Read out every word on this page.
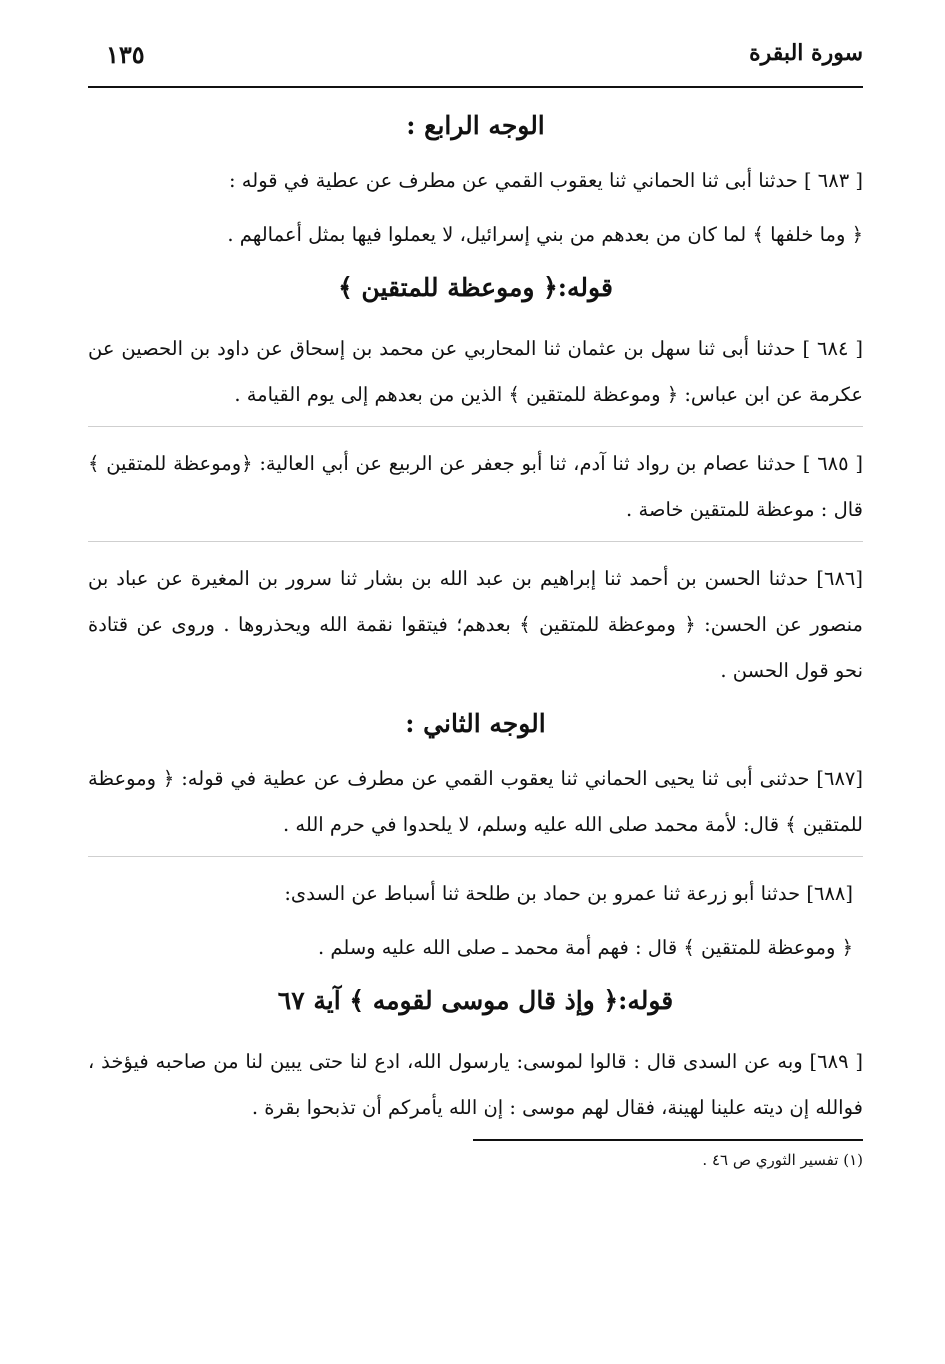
سورة البقرة
١٣٥
الوجه الرابع :

[ ٦٨٣ ] حدثنا أبى ثنا الحماني ثنا يعقوب القمي عن مطرف عن عطية في قوله :

﴿ وما خلفها ﴾ لما كان من بعدهم من بني إسرائيل، لا يعملوا فيها بمثل أعمالهم .

قوله:﴿ وموعظة للمتقين ﴾

[ ٦٨٤ ] حدثنا أبى ثنا سهل بن عثمان ثنا المحاربي عن محمد بن إسحاق عن داود بن الحصين عن عكرمة عن ابن عباس: ﴿ وموعظة للمتقين ﴾ الذين من بعدهم إلى يوم القيامة .

[ ٦٨٥ ] حدثنا عصام بن رواد ثنا آدم، ثنا أبو جعفر عن الربيع عن أبي العالية: ﴿وموعظة للمتقين ﴾ قال : موعظة للمتقين خاصة .

[٦٨٦] حدثنا الحسن بن أحمد ثنا إبراهيم بن عبد الله بن بشار ثنا سرور بن المغيرة عن عباد بن منصور عن الحسن: ﴿ وموعظة للمتقين ﴾ بعدهم؛ فيتقوا نقمة الله ويحذروها . وروى عن قتادة نحو قول الحسن .

الوجه الثاني :

[٦٨٧] حدثنى أبى ثنا يحيى الحماني ثنا يعقوب القمي عن مطرف عن عطية في قوله: ﴿ وموعظة للمتقين ﴾ قال: لأمة محمد صلى الله عليه وسلم، لا يلحدوا في حرم الله .

[٦٨٨] حدثنا أبو زرعة ثنا عمرو بن حماد بن طلحة ثنا أسباط عن السدى:

﴿ وموعظة للمتقين ﴾ قال : فهم أمة محمد ـ صلى الله عليه وسلم .

قوله:﴿ وإذ قال موسى لقومه ﴾ آية ٦٧

[ ٦٨٩] وبه عن السدى قال : قالوا لموسى: يارسول الله، ادع لنا حتى يبين لنا من صاحبه فيؤخذ ، فوالله إن ديته علينا لهينة، فقال لهم موسى : إن الله يأمركم أن تذبحوا بقرة .

(١) تفسير الثوري ص ٤٦ .
